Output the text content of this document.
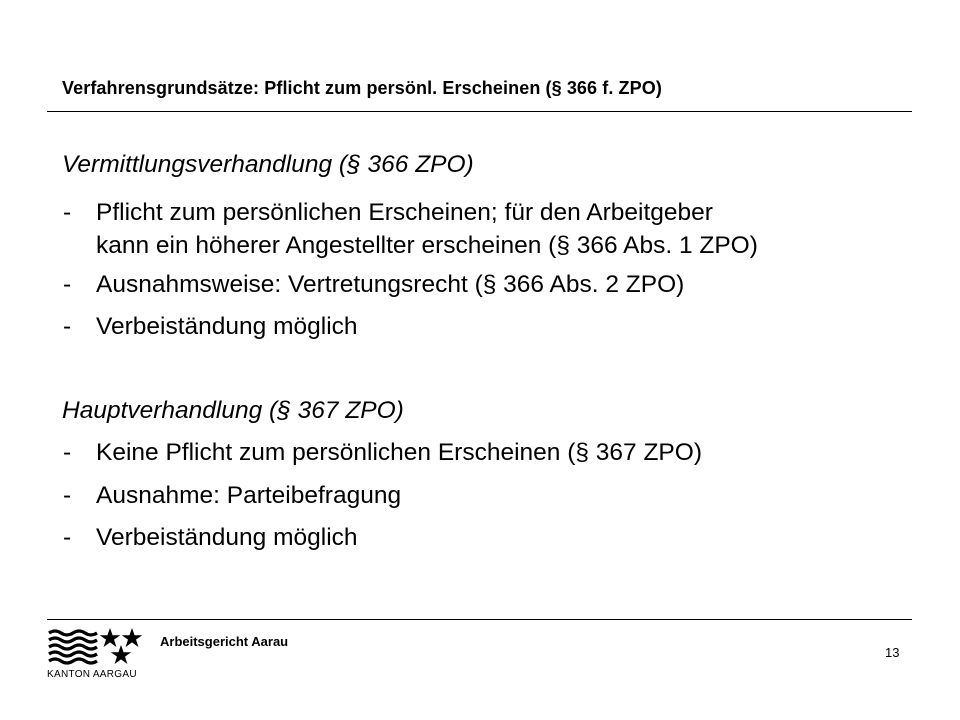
Verfahrensgrundsätze: Pflicht zum persönl. Erscheinen (§ 366 f. ZPO)
Vermittlungsverhandlung (§ 366 ZPO)
-	Pflicht zum persönlichen Erscheinen; für den Arbeitgeber
kann ein höherer Angestellter erscheinen (§ 366 Abs. 1 ZPO)
-	Ausnahmsweise: Vertretungsrecht (§ 366 Abs. 2 ZPO)
-	Verbeiständung möglich
Hauptverhandlung (§ 367 ZPO)
-	Keine Pflicht zum persönlichen Erscheinen (§ 367 ZPO)
-	Ausnahme: Parteibefragung
-	Verbeiständung möglich
KANTON AARGAU
Arbeitsgericht Aarau
13
